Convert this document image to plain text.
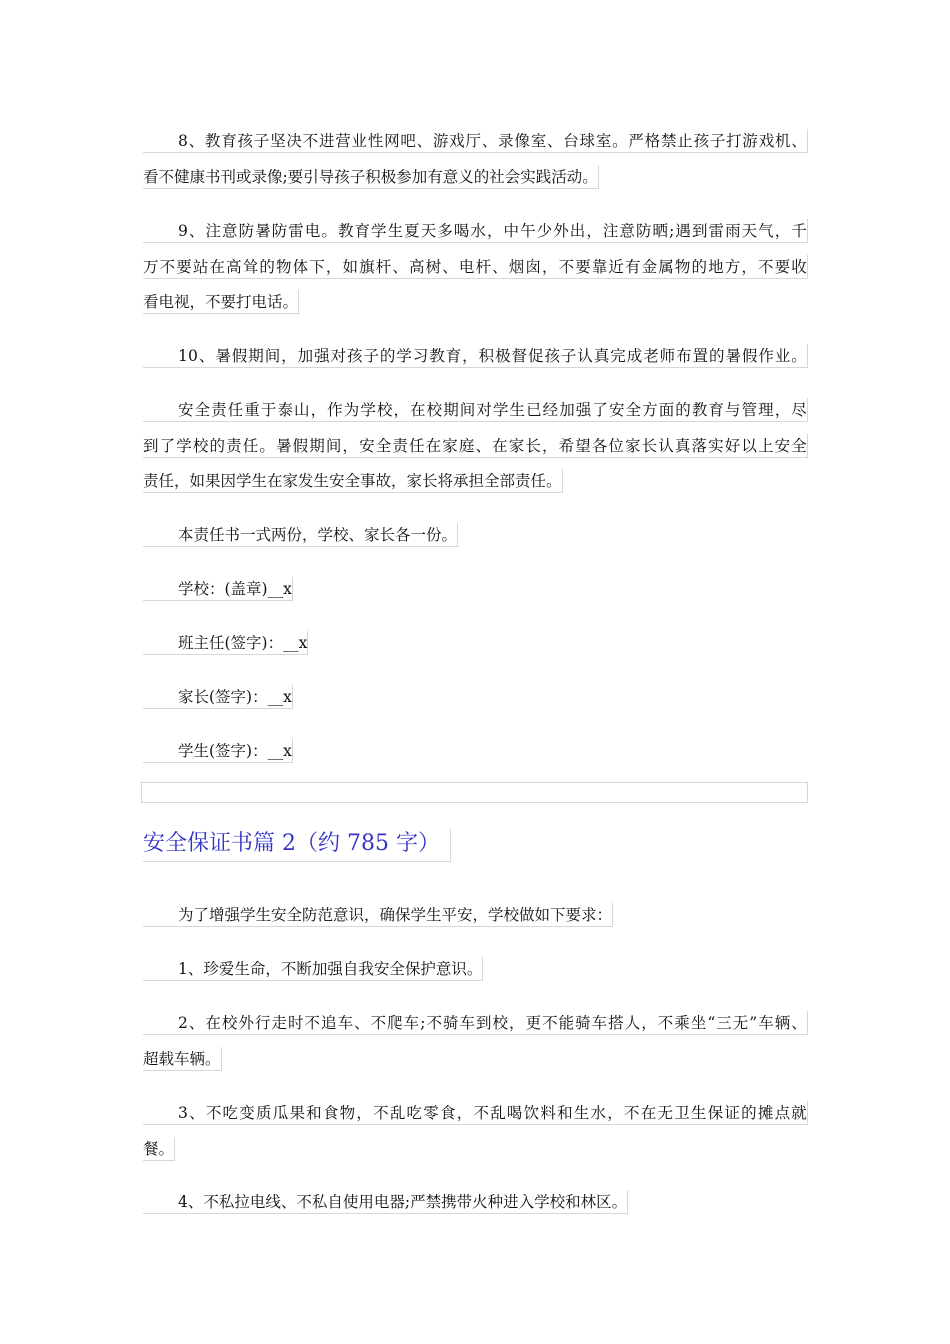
8、教育孩子坚决不进营业性网吧、游戏厅、录像室、台球室。严格禁止孩子打游戏机、
看不健康书刊或录像;要引导孩子积极参加有意义的社会实践活动。
9、注意防暑防雷电。教育学生夏天多喝水，中午少外出，注意防晒;遇到雷雨天气，千
万不要站在高耸的物体下，如旗杆、高树、电杆、烟囱，不要靠近有金属物的地方，不要收
看电视，不要打电话。
10、暑假期间，加强对孩子的学习教育，积极督促孩子认真完成老师布置的暑假作业。
安全责任重于泰山，作为学校，在校期间对学生已经加强了安全方面的教育与管理，尽
到了学校的责任。暑假期间，安全责任在家庭、在家长，希望各位家长认真落实好以上安全
责任，如果因学生在家发生安全事故，家长将承担全部责任。
本责任书一式两份，学校、家长各一份。
学校：(盖章)__x
班主任(签字)：__x
家长(签字)：__x
学生(签字)：__x
安全保证书篇 2（约 785 字）
为了增强学生安全防范意识，确保学生平安，学校做如下要求：
1、珍爱生命，不断加强自我安全保护意识。
2、在校外行走时不追车、不爬车;不骑车到校，更不能骑车搭人，不乘坐“三无”车辆、
超载车辆。
3、不吃变质瓜果和食物，不乱吃零食，不乱喝饮料和生水，不在无卫生保证的摊点就
餐。
4、不私拉电线、不私自使用电器;严禁携带火种进入学校和林区。
